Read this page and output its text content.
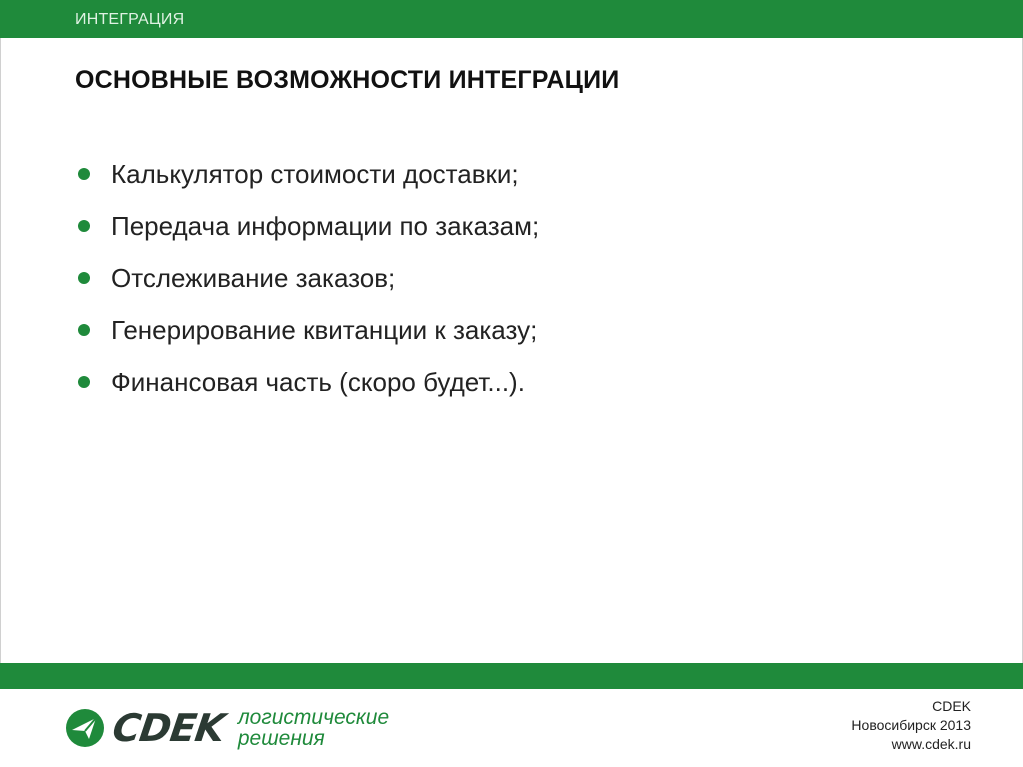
ИНТЕГРАЦИЯ
ОСНОВНЫЕ ВОЗМОЖНОСТИ ИНТЕГРАЦИИ
Калькулятор стоимости доставки;
Передача информации по заказам;
Отслеживание заказов;
Генерирование квитанции к заказу;
Финансовая часть (скоро будет...).
СDEK логистические
решения
CDEK
Новосибирск 2013
www.cdek.ru
